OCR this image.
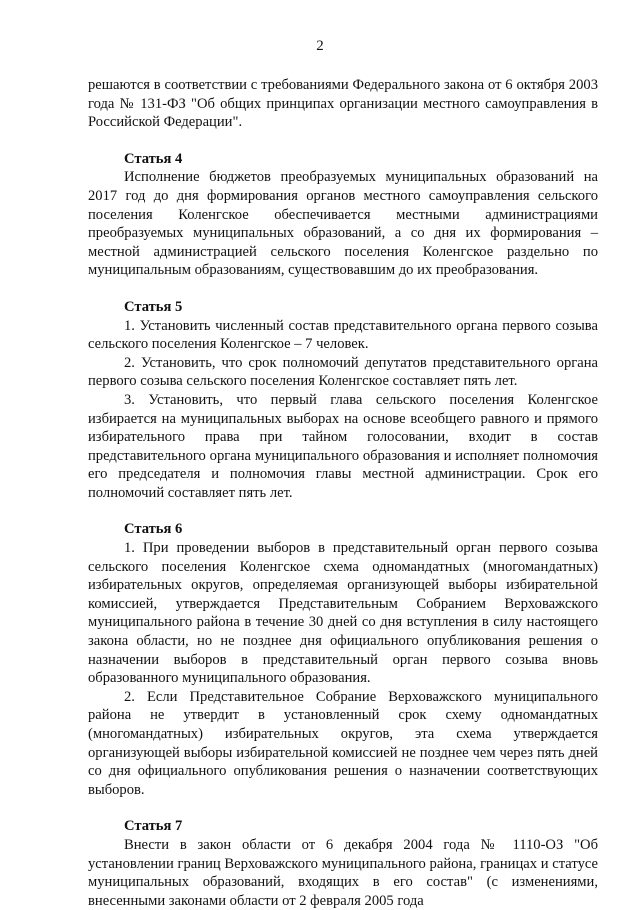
2

решаются в соответствии с требованиями Федерального закона от 6 октября 2003 года № 131-ФЗ "Об общих принципах организации местного самоуправления в Российской Федерации".

Статья 4

Исполнение бюджетов преобразуемых муниципальных образований на 2017 год до дня формирования органов местного самоуправления сельского поселения Коленгское обеспечивается местными администрациями преобразуемых муниципальных образований, а со дня их формирования – местной администрацией сельского поселения Коленгское раздельно по муниципальным образованиям, существовавшим до их преобразования.

Статья 5

1. Установить численный состав представительного органа первого созыва сельского поселения Коленгское – 7 человек.

2. Установить, что срок полномочий депутатов представительного органа первого созыва сельского поселения Коленгское составляет пять лет.

3. Установить, что первый глава сельского поселения Коленгское избирается на муниципальных выборах на основе всеобщего равного и прямого избирательного права при тайном голосовании, входит в состав представительного органа муниципального образования и исполняет полномочия его председателя и полномочия главы местной администрации. Срок его полномочий составляет пять лет.

Статья 6

1. При проведении выборов в представительный орган первого созыва сельского поселения Коленгское схема одномандатных (многомандатных) избирательных округов, определяемая организующей выборы избирательной комиссией, утверждается Представительным Собранием Верховажского муниципального района в течение 30 дней со дня вступления в силу настоящего закона области, но не позднее дня официального опубликования решения о назначении выборов в представительный орган первого созыва вновь образованного муниципального образования.

2. Если Представительное Собрание Верховажского муниципального района не утвердит в установленный срок схему одномандатных (многомандатных) избирательных округов, эта схема утверждается организующей выборы избирательной комиссией не позднее чем через пять дней со дня официального опубликования решения о назначении соответствующих выборов.

Статья 7

Внести в закон области от 6 декабря 2004 года № 1110-ОЗ "Об установлении границ Верховажского муниципального района, границах и статусе муниципальных образований, входящих в его состав" (с изменениями, внесенными законами области от 2 февраля 2005 года
